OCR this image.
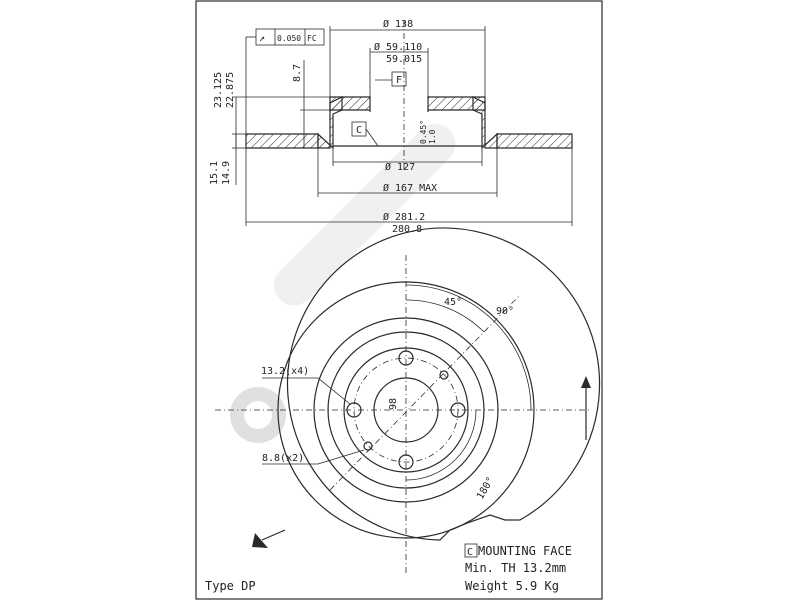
Ø 138
Ø 59.110
59.015
F
C
↗ 0.050 FC
23.125 22.875	8.7
0.45° 1.0
15.1 14.9	Ø 127
Ø 167 MAX
Ø 281.2
280.8
45°
90°
180°
98
13.2(x4)
8.8(x2)
C MOUNTING FACE
Min. TH 13.2mm
Weight 5.9 Kg
Type DP
